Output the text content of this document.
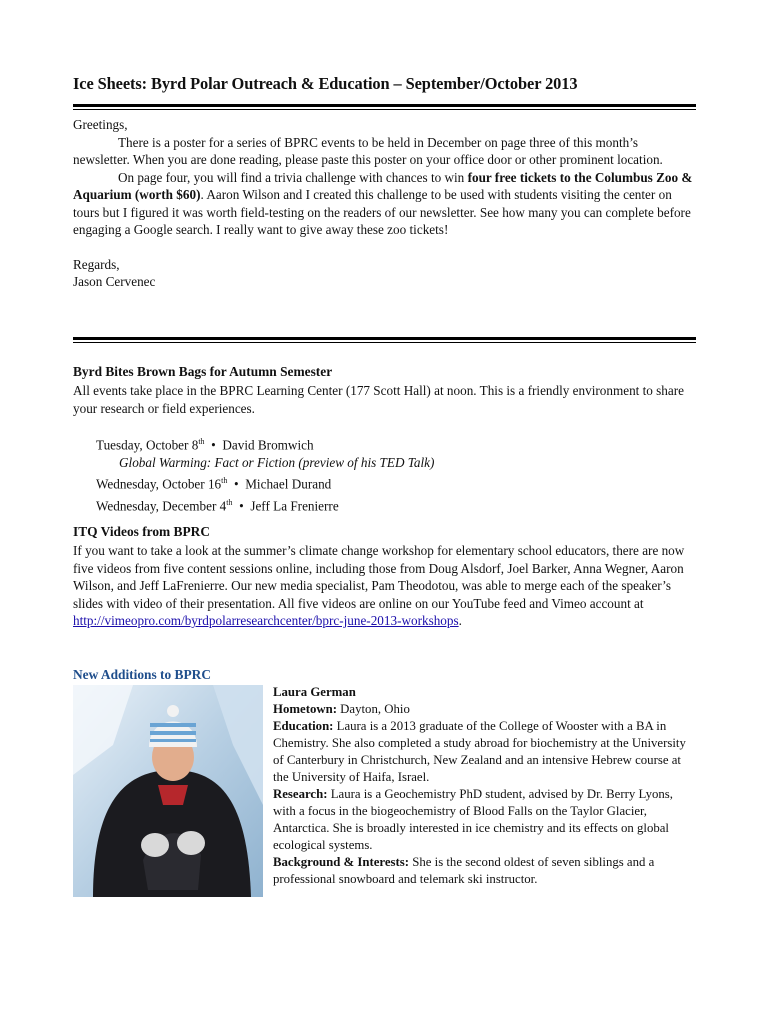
Ice Sheets: Byrd Polar Outreach & Education – September/October 2013

Greetings,

There is a poster for a series of BPRC events to be held in December on page three of this month’s newsletter. When you are done reading, please paste this poster on your office door or other prominent location.

On page four, you will find a trivia challenge with chances to win four free tickets to the Columbus Zoo & Aquarium (worth $60). Aaron Wilson and I created this challenge to be used with students visiting the center on tours but I figured it was worth field-testing on the readers of our newsletter. See how many you can complete before engaging a Google search. I really want to give away these zoo tickets!

Regards,

Jason Cervenec

Byrd Bites Brown Bags for Autumn Semester
All events take place in the BPRC Learning Center (177 Scott Hall) at noon. This is a friendly environment to share your research or field experiences.
Tuesday, October 8th • David Bromwich
Global Warming: Fact or Fiction (preview of his TED Talk)
Wednesday, October 16th • Michael Durand
Wednesday, December 4th • Jeff La Frenierre
ITQ Videos from BPRC
If you want to take a look at the summer’s climate change workshop for elementary school educators, there are now five videos from five content sessions online, including those from Doug Alsdorf, Joel Barker, Anna Wegner, Aaron Wilson, and Jeff LaFrenierre. Our new media specialist, Pam Theodotou, was able to merge each of the speaker’s slides with video of their presentation. All five videos are online on our YouTube feed and Vimeo account at http://vimeopro.com/byrdpolarresearchcenter/bprc-june-2013-workshops.
New Additions to BPRC
Laura German
Hometown: Dayton, Ohio
Education: Laura is a 2013 graduate of the College of Wooster with a BA in Chemistry. She also completed a study abroad for biochemistry at the University of Canterbury in Christchurch, New Zealand and an intensive Hebrew course at the University of Haifa, Israel.
Research: Laura is a Geochemistry PhD student, advised by Dr. Berry Lyons, with a focus in the biogeochemistry of Blood Falls on the Taylor Glacier, Antarctica. She is broadly interested in ice chemistry and its effects on global ecological systems.
Background & Interests: She is the second oldest of seven siblings and a professional snowboard and telemark ski instructor.
